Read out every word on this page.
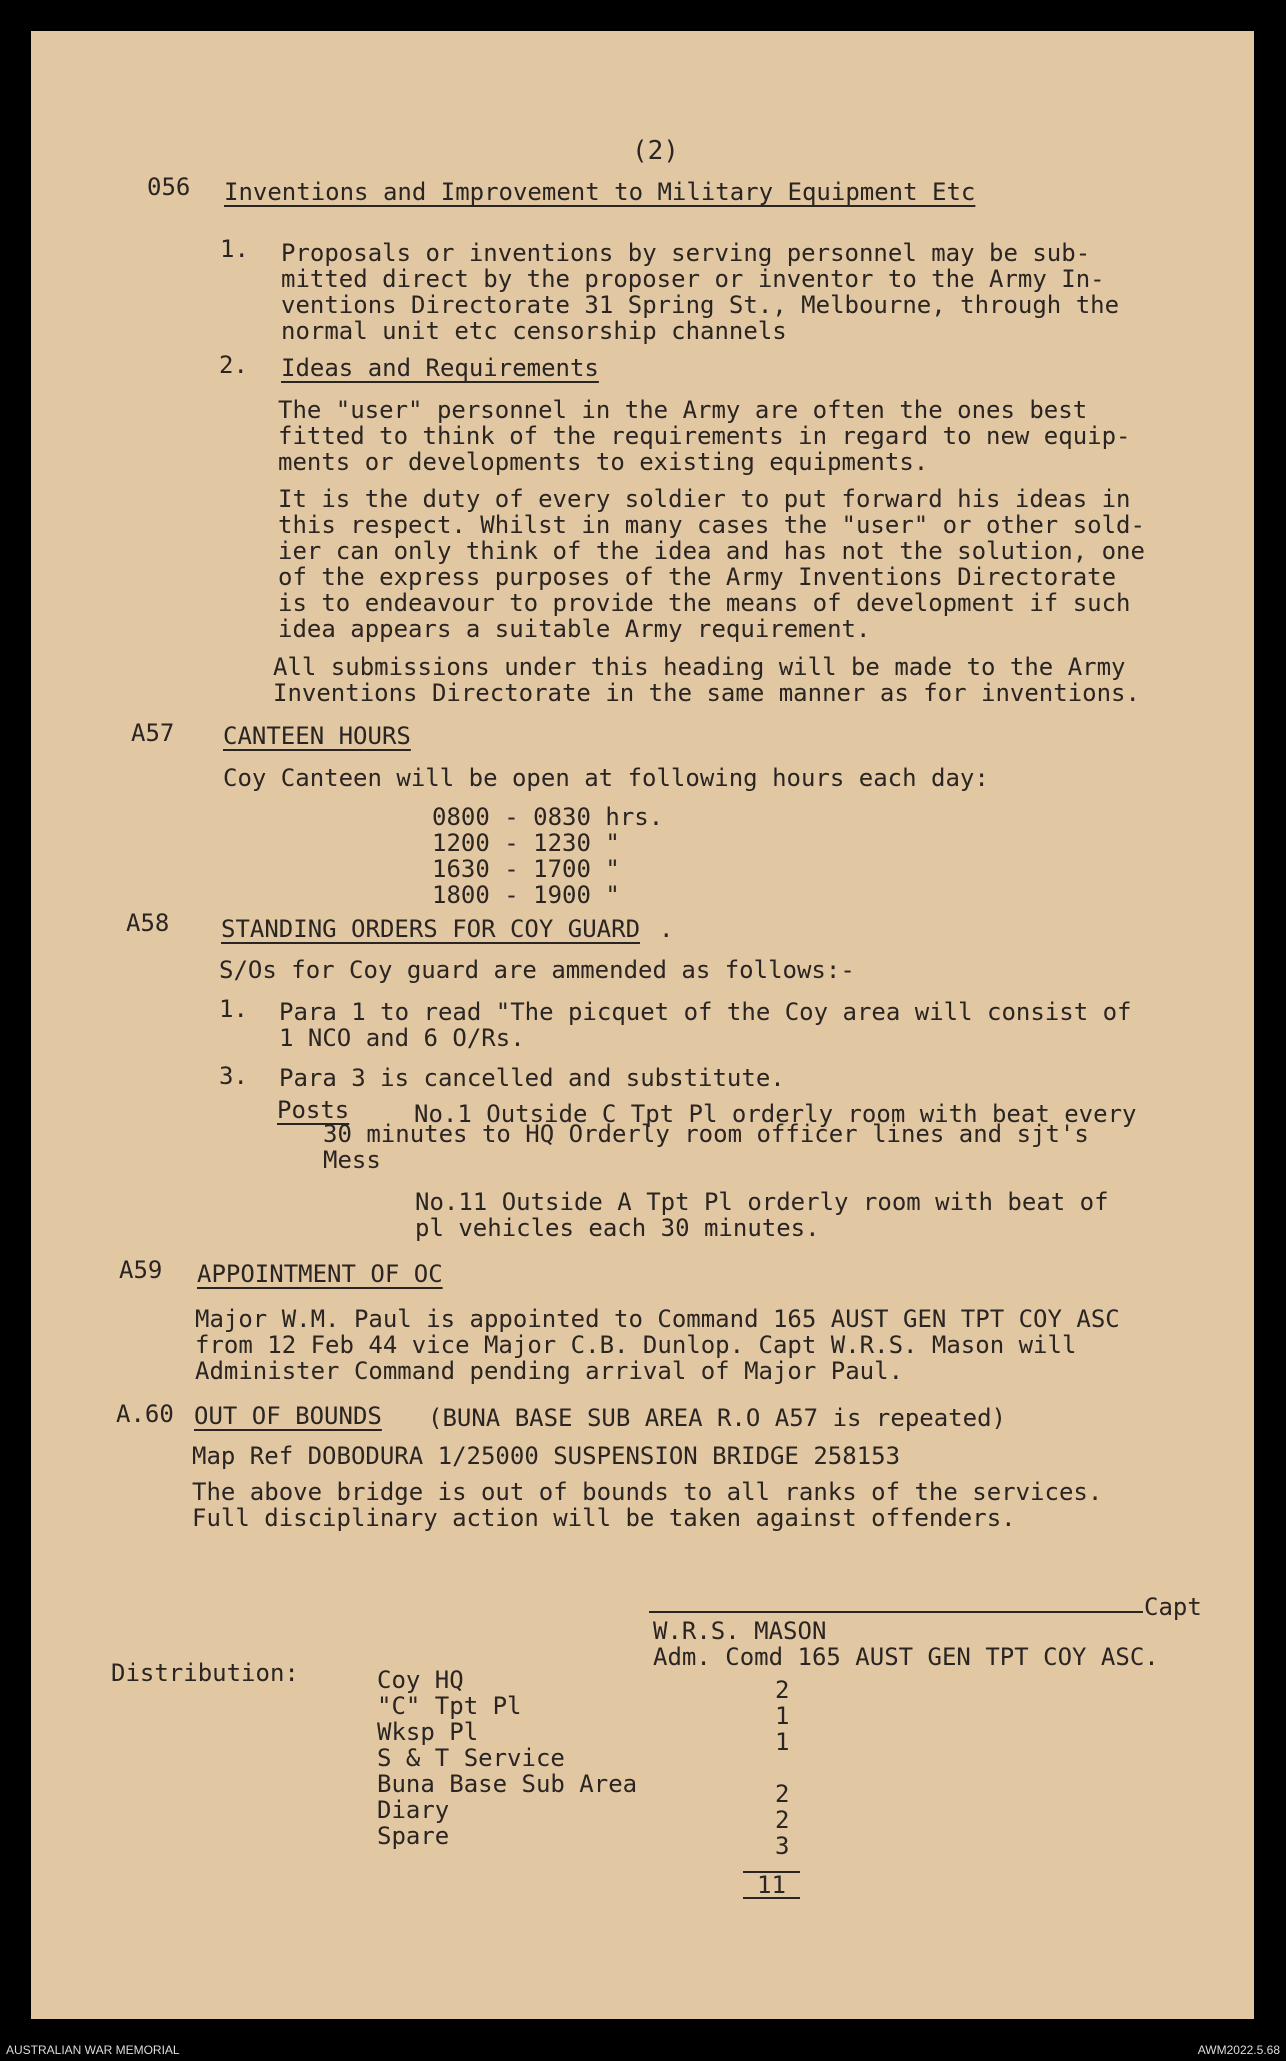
(2)
056 Inventions and Improvement to Military Equipment Etc
1. Proposals or inventions by serving personnel may be sub-
mitted direct by the proposer or inventor to the Army In-
ventions Directorate 31 Spring St., Melbourne, through the
normal unit etc censorship channels
2. Ideas and Requirements
The "user" personnel in the Army are often the ones best
fitted to think of the requirements in regard to new equip-
ments or developments to existing equipments.
It is the duty of every soldier to put forward his ideas in
this respect. Whilst in many cases the "user" or other sold-
ier can only think of the idea and has not the solution, one
of the express purposes of the Army Inventions Directorate
is to endeavour to provide the means of development if such
idea appears a suitable Army requirement.
All submissions under this heading will be made to the Army
Inventions Directorate in the same manner as for inventions.
A57 CANTEEN HOURS
Coy Canteen will be open at following hours each day:
0800 - 0830 hrs.
1200 - 1230 "
1630 - 1700 "
1800 - 1900 "
A58 STANDING ORDERS FOR COY GUARD .
S/Os for Coy guard are ammended as follows:-
1. Para 1 to read "The picquet of the Coy area will consist of
1 NCO and 6 O/Rs.
3. Para 3 is cancelled and substitute.
Posts	No.1 Outside C Tpt Pl orderly room with beat every
30 minutes to HQ Orderly room officer lines and sjt's
Mess
No.11 Outside A Tpt Pl orderly room with beat of
pl vehicles each 30 minutes.
A59 APPOINTMENT OF OC
Major W.M. Paul is appointed to Command 165 AUST GEN TPT COY ASC
from 12 Feb 44 vice Major C.B. Dunlop. Capt W.R.S. Mason will
Administer Command pending arrival of Major Paul.
A.60 OUT OF BOUNDS (BUNA BASE SUB AREA R.O A57 is repeated)
Map Ref DOBODURA 1/25000 SUSPENSION BRIDGE 258153
The above bridge is out of bounds to all ranks of the services.
Full disciplinary action will be taken against offenders.
Capt
W.R.S. MASON
Adm. Comd 165 AUST GEN TPT COY ASC.
Distribution:	Coy HQ	2
"C" Tpt Pl	1
Wksp Pl	1
S & T Service
Buna Base Sub Area	2
Diary	2
Spare	3
11
AUSTRALIAN WAR MEMORIAL	AWM2022.5.68
